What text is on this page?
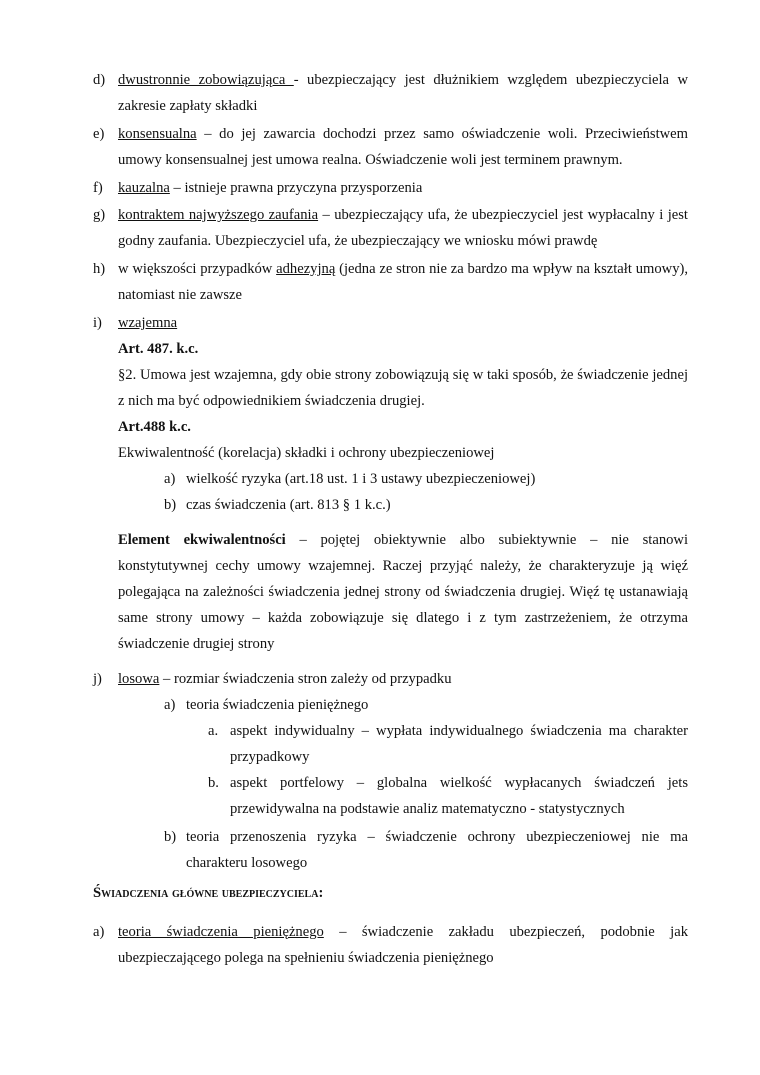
d) dwustronnie zobowiązująca - ubezpieczający jest dłużnikiem względem ubezpieczyciela w zakresie zapłaty składki
e) konsensualna – do jej zawarcia dochodzi przez samo oświadczenie woli. Przeciwieństwem umowy konsensualnej jest umowa realna. Oświadczenie woli jest terminem prawnym.
f) kauzalna – istnieje prawna przyczyna przysporzenia
g) kontraktem najwyższego zaufania – ubezpieczający ufa, że ubezpieczyciel jest wypłacalny i jest godny zaufania. Ubezpieczyciel ufa, że ubezpieczający we wniosku mówi prawdę
h) w większości przypadków adhezyjną (jedna ze stron nie za bardzo ma wpływ na kształt umowy), natomiast nie zawsze
i) wzajemna
Art. 487. k.c.
§2. Umowa jest wzajemna, gdy obie strony zobowiązują się w taki sposób, że świadczenie jednej z nich ma być odpowiednikiem świadczenia drugiej.
Art.488 k.c.
Ekwiwalentność (korelacja) składki i ochrony ubezpieczeniowej
a) wielkość ryzyka (art.18 ust. 1 i 3 ustawy ubezpieczeniowej)
b) czas świadczenia (art. 813 § 1 k.c.)
Element ekwiwalentności – pojętej obiektywnie albo subiektywnie – nie stanowi konstytutywnej cechy umowy wzajemnej. Raczej przyjąć należy, że charakteryzuje ją więź polegająca na zależności świadczenia jednej strony od świadczenia drugiej. Więź tę ustanawiają same strony umowy – każda zobowiązuje się dlatego i z tym zastrzeżeniem, że otrzyma świadczenie drugiej strony
j) losowa – rozmiar świadczenia stron zależy od przypadku
a) teoria świadczenia pieniężnego
a. aspekt indywidualny – wypłata indywidualnego świadczenia ma charakter przypadkowy
b. aspekt portfelowy – globalna wielkość wypłacanych świadczeń jets przewidywalna na podstawie analiz matematyczno - statystycznych
b) teoria przenoszenia ryzyka – świadczenie ochrony ubezpieczeniowej nie ma charakteru losowego
Świadczenia główne ubezpieczyciela:
a) teoria świadczenia pieniężnego – świadczenie zakładu ubezpieczeń, podobnie jak ubezpieczającego polega na spełnieniu świadczenia pieniężnego
